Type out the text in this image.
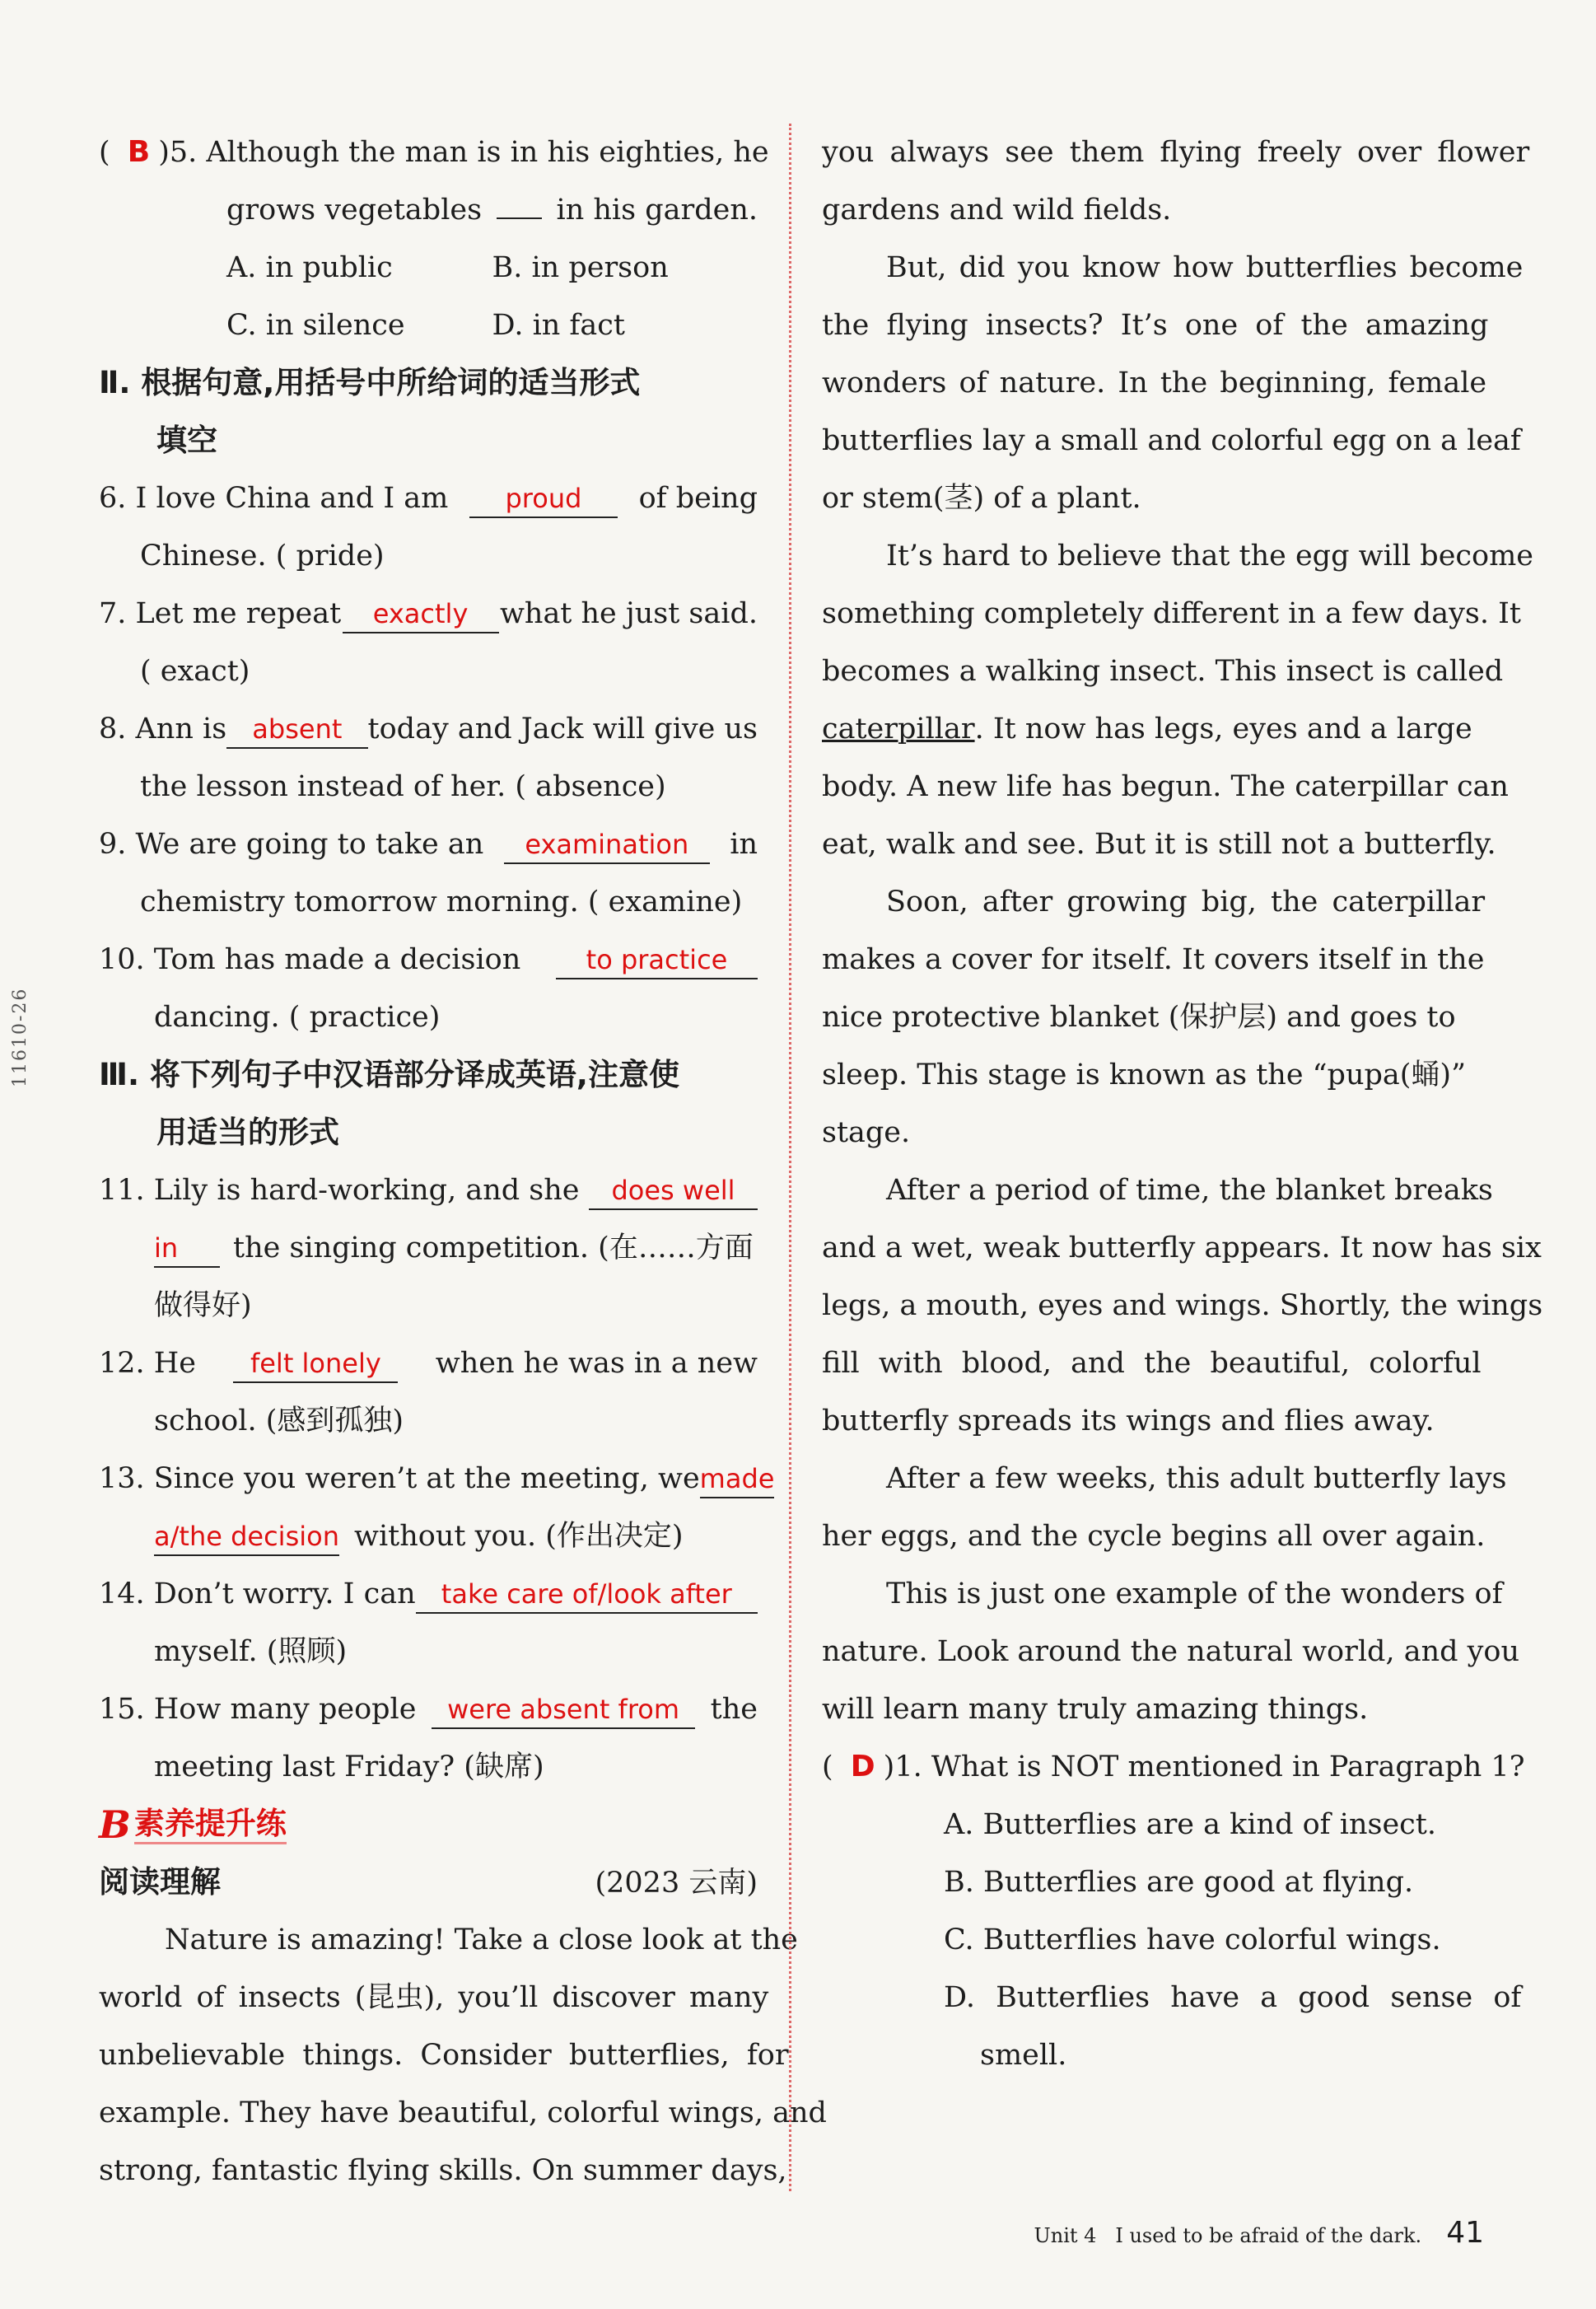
11610-26
( B )5. Although the man is in his eighties, he
grows vegetables	in his garden.
A. in public	B. in person
C. in silence	D. in fact
Ⅱ. 根据句意,用括号中所给词的适当形式
填空
6. I love China and I am	proud	of being
Chinese. ( pride)
7. Let me repeat	exactly	what he just said.
( exact)
8. Ann is absent today and Jack will give us
the lesson instead of her. ( absence)
9. We are going to take an	examination	in
chemistry tomorrow morning. ( examine)
10. Tom has made a decision	to practice
dancing. ( practice)
Ⅲ. 将下列句子中汉语部分译成英语,注意使
用适当的形式
11. Lily is hard-working, and she	does well
in	the singing competition. (在……方面
做得好)
12. He	felt lonely	when he was in a new
school. (感到孤独)
13. Since you weren’t at the meeting, we made
a/the decision without you. (作出决定)
14. Don’t worry. I can take care of/look after
myself. (照顾)
15. How many people	were absent from	the
meeting last Friday? (缺席)
B 素养提升练
阅读理解	(2023 云南)
Nature is amazing! Take a close look at the
world of insects (昆虫), you’ll discover many
unbelievable things. Consider butterflies, for
example. They have beautiful, colorful wings, and
strong, fantastic flying skills. On summer days,
you always see them flying freely over flower
gardens and wild fields.
But, did you know how butterflies become
the flying insects? It’s one of the amazing
wonders of nature. In the beginning, female
butterflies lay a small and colorful egg on a leaf
or stem(茎) of a plant.
It’s hard to believe that the egg will become
something completely different in a few days. It
becomes a walking insect. This insect is called
caterpillar . It now has legs, eyes and a large
body. A new life has begun. The caterpillar can
eat, walk and see. But it is still not a butterfly.
Soon, after growing big, the caterpillar
makes a cover for itself. It covers itself in the
nice protective blanket (保护层) and goes to
sleep. This stage is known as the “pupa(蛹)”
stage.
After a period of time, the blanket breaks
and a wet, weak butterfly appears. It now has six
legs, a mouth, eyes and wings. Shortly, the wings
fill with blood, and the beautiful, colorful
butterfly spreads its wings and flies away.
After a few weeks, this adult butterfly lays
her eggs, and the cycle begins all over again.
This is just one example of the wonders of
nature. Look around the natural world, and you
will learn many truly amazing things.
( D )1. What is NOT mentioned in Paragraph 1?
A. Butterflies are a kind of insect.
B. Butterflies are good at flying.
C. Butterflies have colorful wings.
D. Butterflies have a good sense of
smell.
Unit 4   I used to be afraid of the dark. 41
